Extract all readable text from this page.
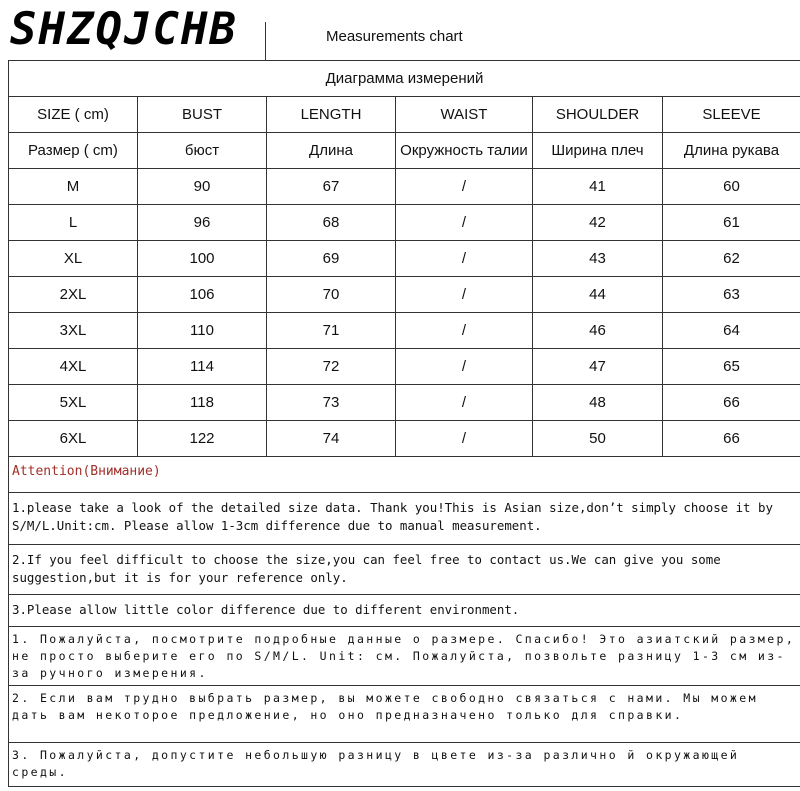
SHZQJCHB	Measurements chart
Диаграмма измерений					
SIZE ( cm)	BUST	LENGTH	WAIST	SHOULDER	SLEEVE
Размер ( cm)	бюст	Длина	Окружность талии	Ширина плеч	Длина рукава
M	90	67	/	41	60
L	96	68	/	42	61
XL	100	69	/	43	62
2XL	106	70	/	44	63
3XL	110	71	/	46	64
4XL	114	72	/	47	65
5XL	118	73	/	48	66
6XL	122	74	/	50	66
Attention(Внимание)
1.please take a look of the detailed size data. Thank you!This is Asian size,don’t simply choose it by S/M/L.Unit:cm. Please allow 1-3cm difference due to manual measurement.
2.If you feel difficult to choose the size,you can feel free to contact us.We can give you some suggestion,but it is for your reference only.
3.Please allow little color difference due to different environment.
1. Пожалуйста, посмотрите подробные данные о размере. Спасибо! Это азиатский размер, не просто выберите его по S/M/L. Unit: см. Пожалуйста, позвольте разницу 1-3 см из-за ручного измерения.
2. Если вам трудно выбрать размер, вы можете свободно связаться с нами. Мы можем дать вам некоторое предложение, но оно предназначено только для справки.
3. Пожалуйста, допустите небольшую разницу в цвете из-за различно й окружающей среды.
